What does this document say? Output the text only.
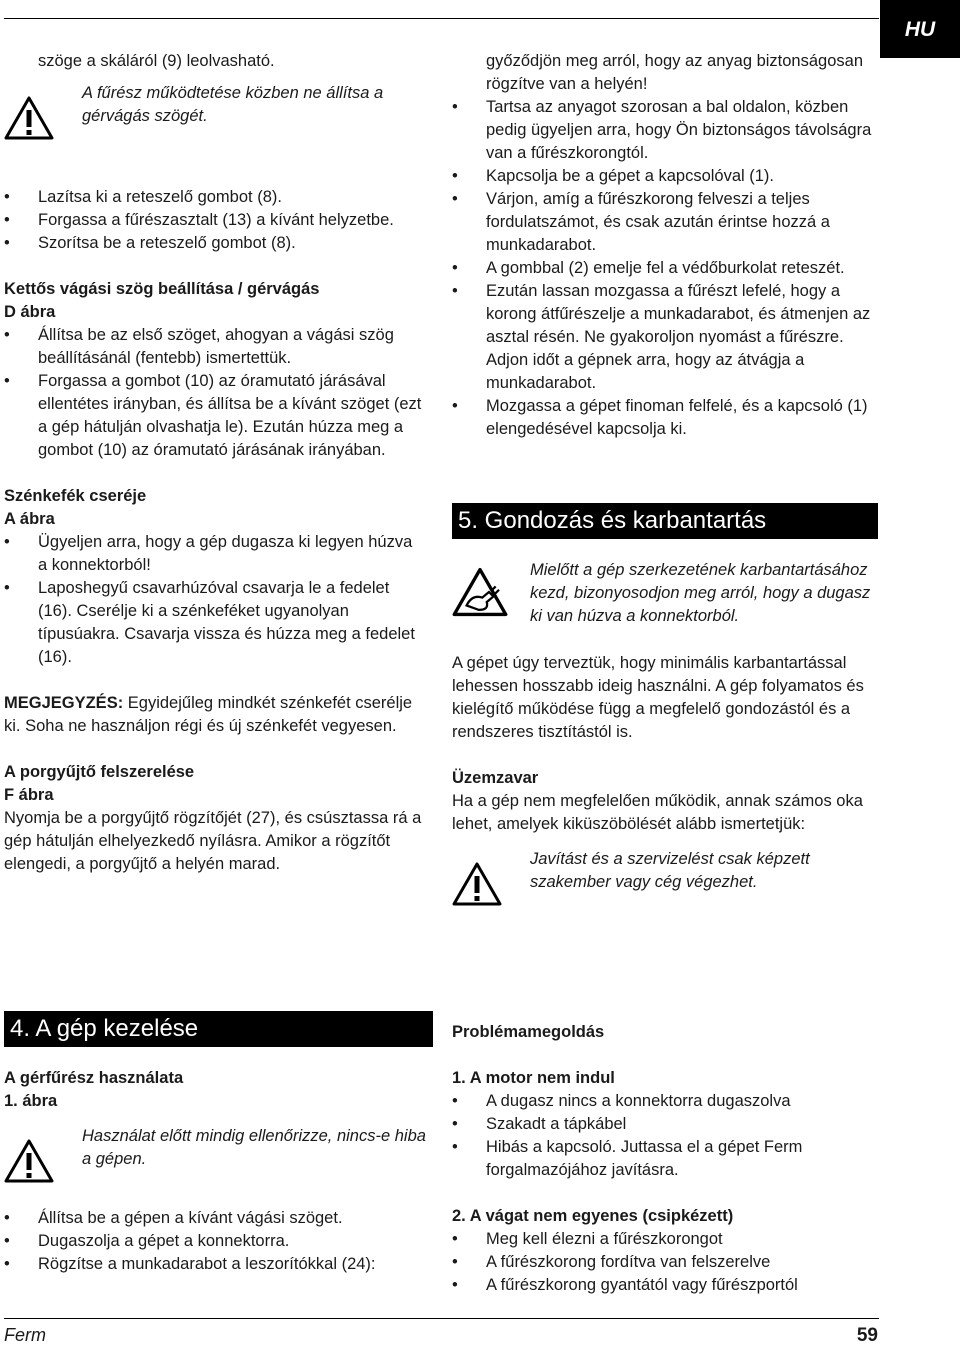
HU

szöge a skáláról (9) leolvasható.

A fűrész működtetése közben ne állítsa a gérvágás szögét.
• Lazítsa ki a reteszelő gombot (8).
• Forgassa a fűrészasztalt (13) a kívánt helyzetbe.
• Szorítsa be a reteszelő gombot (8).

Kettős vágási szög beállítása / gérvágás

D ábra

• Állítsa be az első szöget, ahogyan a vágási szög beállításánál (fentebb) ismertettük.
• Forgassa a gombot (10) az óramutató járásával ellentétes irányban, és állítsa be a kívánt szöget (ezt a gép hátulján olvashatja le). Ezután húzza meg a gombot (10) az óramutató járásának irányában.

Szénkefék cseréje

A ábra

• Ügyeljen arra, hogy a gép dugasza ki legyen húzva a konnektorból!
• Laposhegyű csavarhúzóval csavarja le a fedelet (16). Cserélje ki a szénkeféket ugyanolyan típusúakra. Csavarja vissza és húzza meg a fedelet (16).

MEGJEGYZÉS: Egyidejűleg mindkét szénkefét cserélje ki. Soha ne használjon régi és új szénkefét vegyesen.

A porgyűjtő felszerelése

F ábra

Nyomja be a porgyűjtő rögzítőjét (27), és csúsztassa rá a gép hátulján elhelyezkedő nyílásra. Amikor a rögzítőt elengedi, a porgyűjtő a helyén marad.

4. A gép kezelése

A gérfűrész használata

1. ábra

Használat előtt mindig ellenőrizze, nincs-e hiba a gépen.
• Állítsa be a gépen a kívánt vágási szöget.
• Dugaszolja a gépet a konnektorra.
• Rögzítse a munkadarabot a leszorítókkal (24):

győződjön meg arról, hogy az anyag biztonságosan rögzítve van a helyén!

• Tartsa az anyagot szorosan a bal oldalon, közben pedig ügyeljen arra, hogy Ön biztonságos távolságra van a fűrészkorongtól.
• Kapcsolja be a gépet a kapcsolóval (1).
• Várjon, amíg a fűrészkorong felveszi a teljes fordulatszámot, és csak azután érintse hozzá a munkadarabot.
• A gombbal (2) emelje fel a védőburkolat reteszét.
• Ezután lassan mozgassa a fűrészt lefelé, hogy a korong átfűrészelje a munkadarabot, és átmenjen az asztal résén. Ne gyakoroljon nyomást a fűrészre. Adjon időt a gépnek arra, hogy az átvágja a munkadarabot.
• Mozgassa a gépet finoman felfelé, és a kapcsoló (1) elengedésével kapcsolja ki.
5. Gondozás és karbantartás
Mielőtt a gép szerkezetének karbantartásához kezd, bizonyosodjon meg arról, hogy a dugasz ki van húzva a konnektorból.

A gépet úgy terveztük, hogy minimális karbantartással lehessen hosszabb ideig használni. A gép folyamatos és kielégítő működése függ a megfelelő gondozástól és a rendszeres tisztítástól is.

Üzemzavar

Ha a gép nem megfelelően működik, annak számos oka lehet, amelyek kiküszöbölését alább ismertetjük:

Javítást és a szervizelést csak képzett szakember vagy cég végezhet.

Problémamegoldás

1. A motor nem indul

• A dugasz nincs a konnektorra dugaszolva
• Szakadt a tápkábel
• Hibás a kapcsoló. Juttassa el a gépet Ferm forgalmazójához javításra.

2. A vágat nem egyenes (csipkézett)

• Meg kell élezni a fűrészkorongot
• A fűrészkorong fordítva van felszerelve
• A fűrészkorong gyantától vagy fűrészportól
Ferm	59
